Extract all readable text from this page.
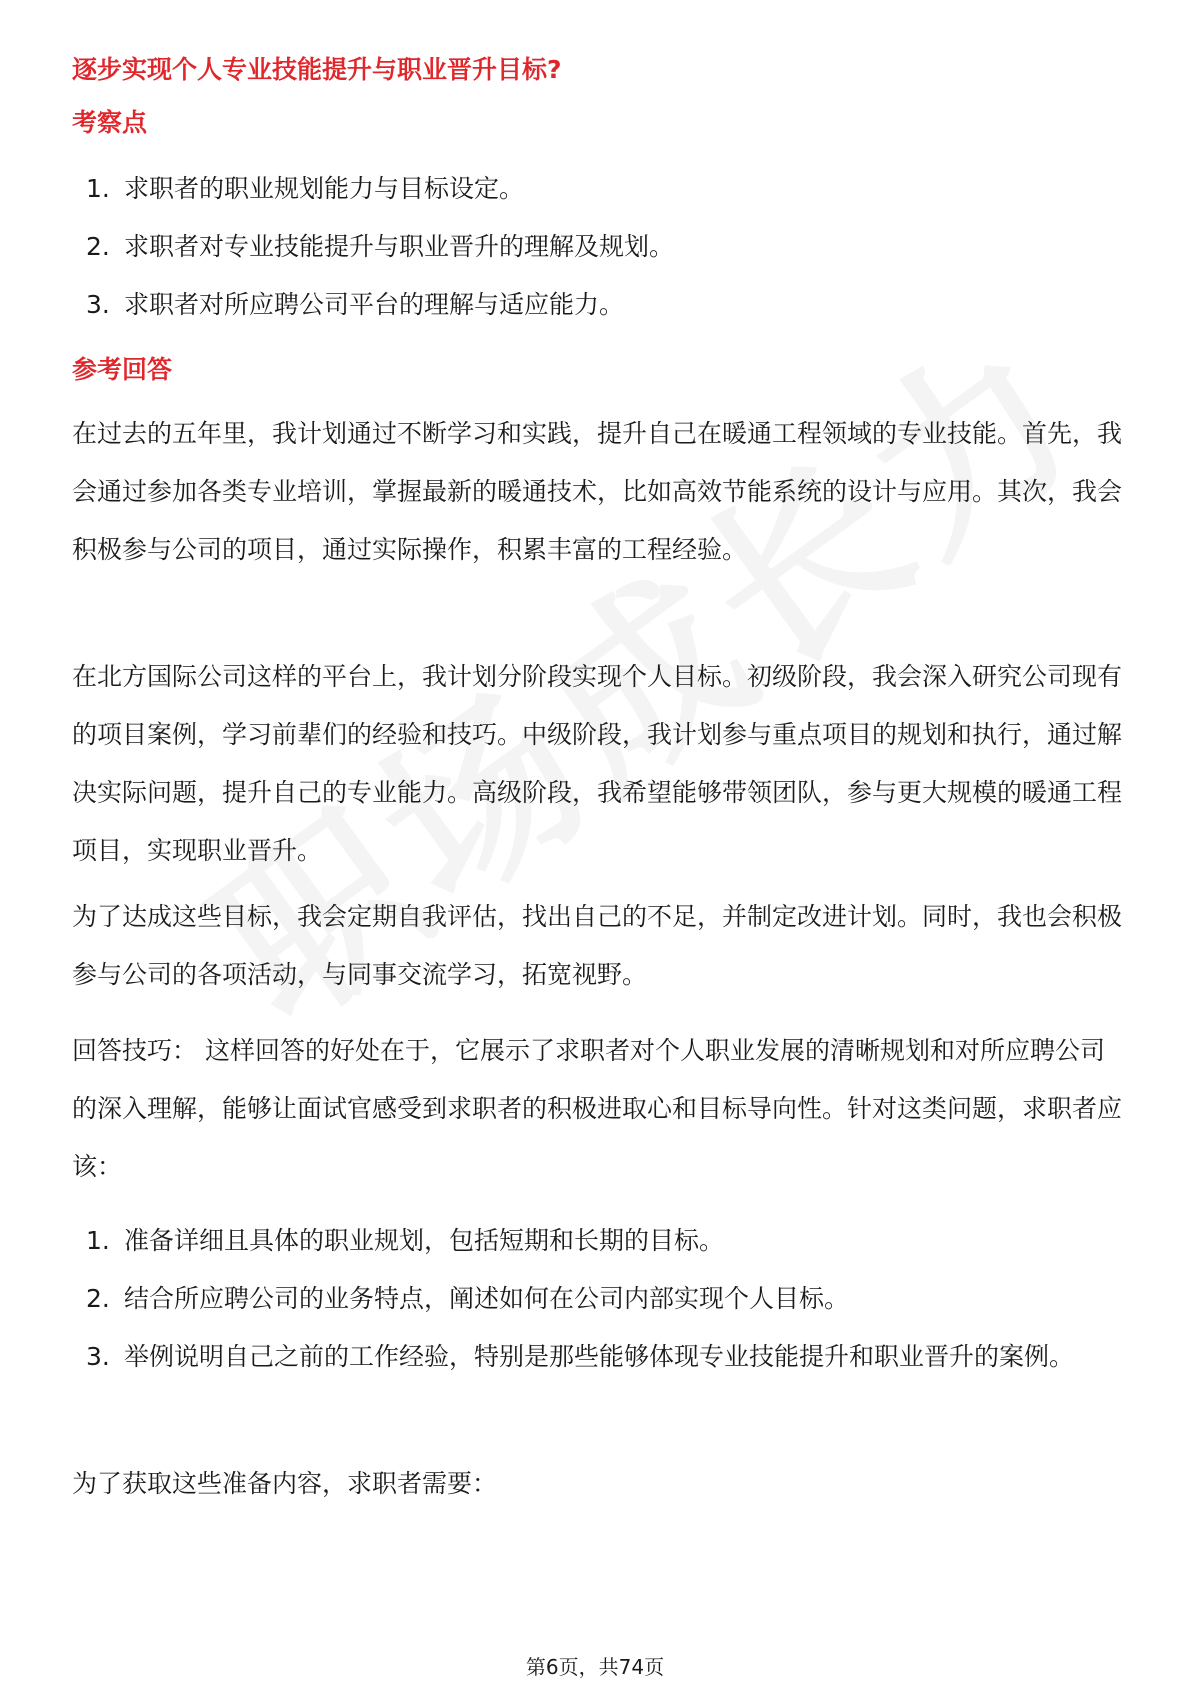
逐步实现个人专业技能提升与职业晋升目标?
考察点
1. 求职者的职业规划能力与目标设定。
2. 求职者对专业技能提升与职业晋升的理解及规划。
3. 求职者对所应聘公司平台的理解与适应能力。
参考回答

在过去的五年里，我计划通过不断学习和实践，提升自己在暖通工程领域的专业技能。首先，我会通过参加各类专业培训，掌握最新的暖通技术，比如高效节能系统的设计与应用。其次，我会积极参与公司的项目，通过实际操作，积累丰富的工程经验。

在北方国际公司这样的平台上，我计划分阶段实现个人目标。初级阶段，我会深入研究公司现有的项目案例，学习前辈们的经验和技巧。中级阶段，我计划参与重点项目的规划和执行，通过解决实际问题，提升自己的专业能力。高级阶段，我希望能够带领团队，参与更大规模的暖通工程项目，实现职业晋升。

为了达成这些目标，我会定期自我评估，找出自己的不足，并制定改进计划。同时，我也会积极参与公司的各项活动，与同事交流学习，拓宽视野。

回答技巧： 这样回答的好处在于，它展示了求职者对个人职业发展的清晰规划和对所应聘公司的深入理解，能够让面试官感受到求职者的积极进取心和目标导向性。针对这类问题，求职者应该：

1. 准备详细且具体的职业规划，包括短期和长期的目标。
2. 结合所应聘公司的业务特点，阐述如何在公司内部实现个人目标。
3. 举例说明自己之前的工作经验，特别是那些能够体现专业技能提升和职业晋升的案例。

为了获取这些准备内容，求职者需要：

第6页，共74页
